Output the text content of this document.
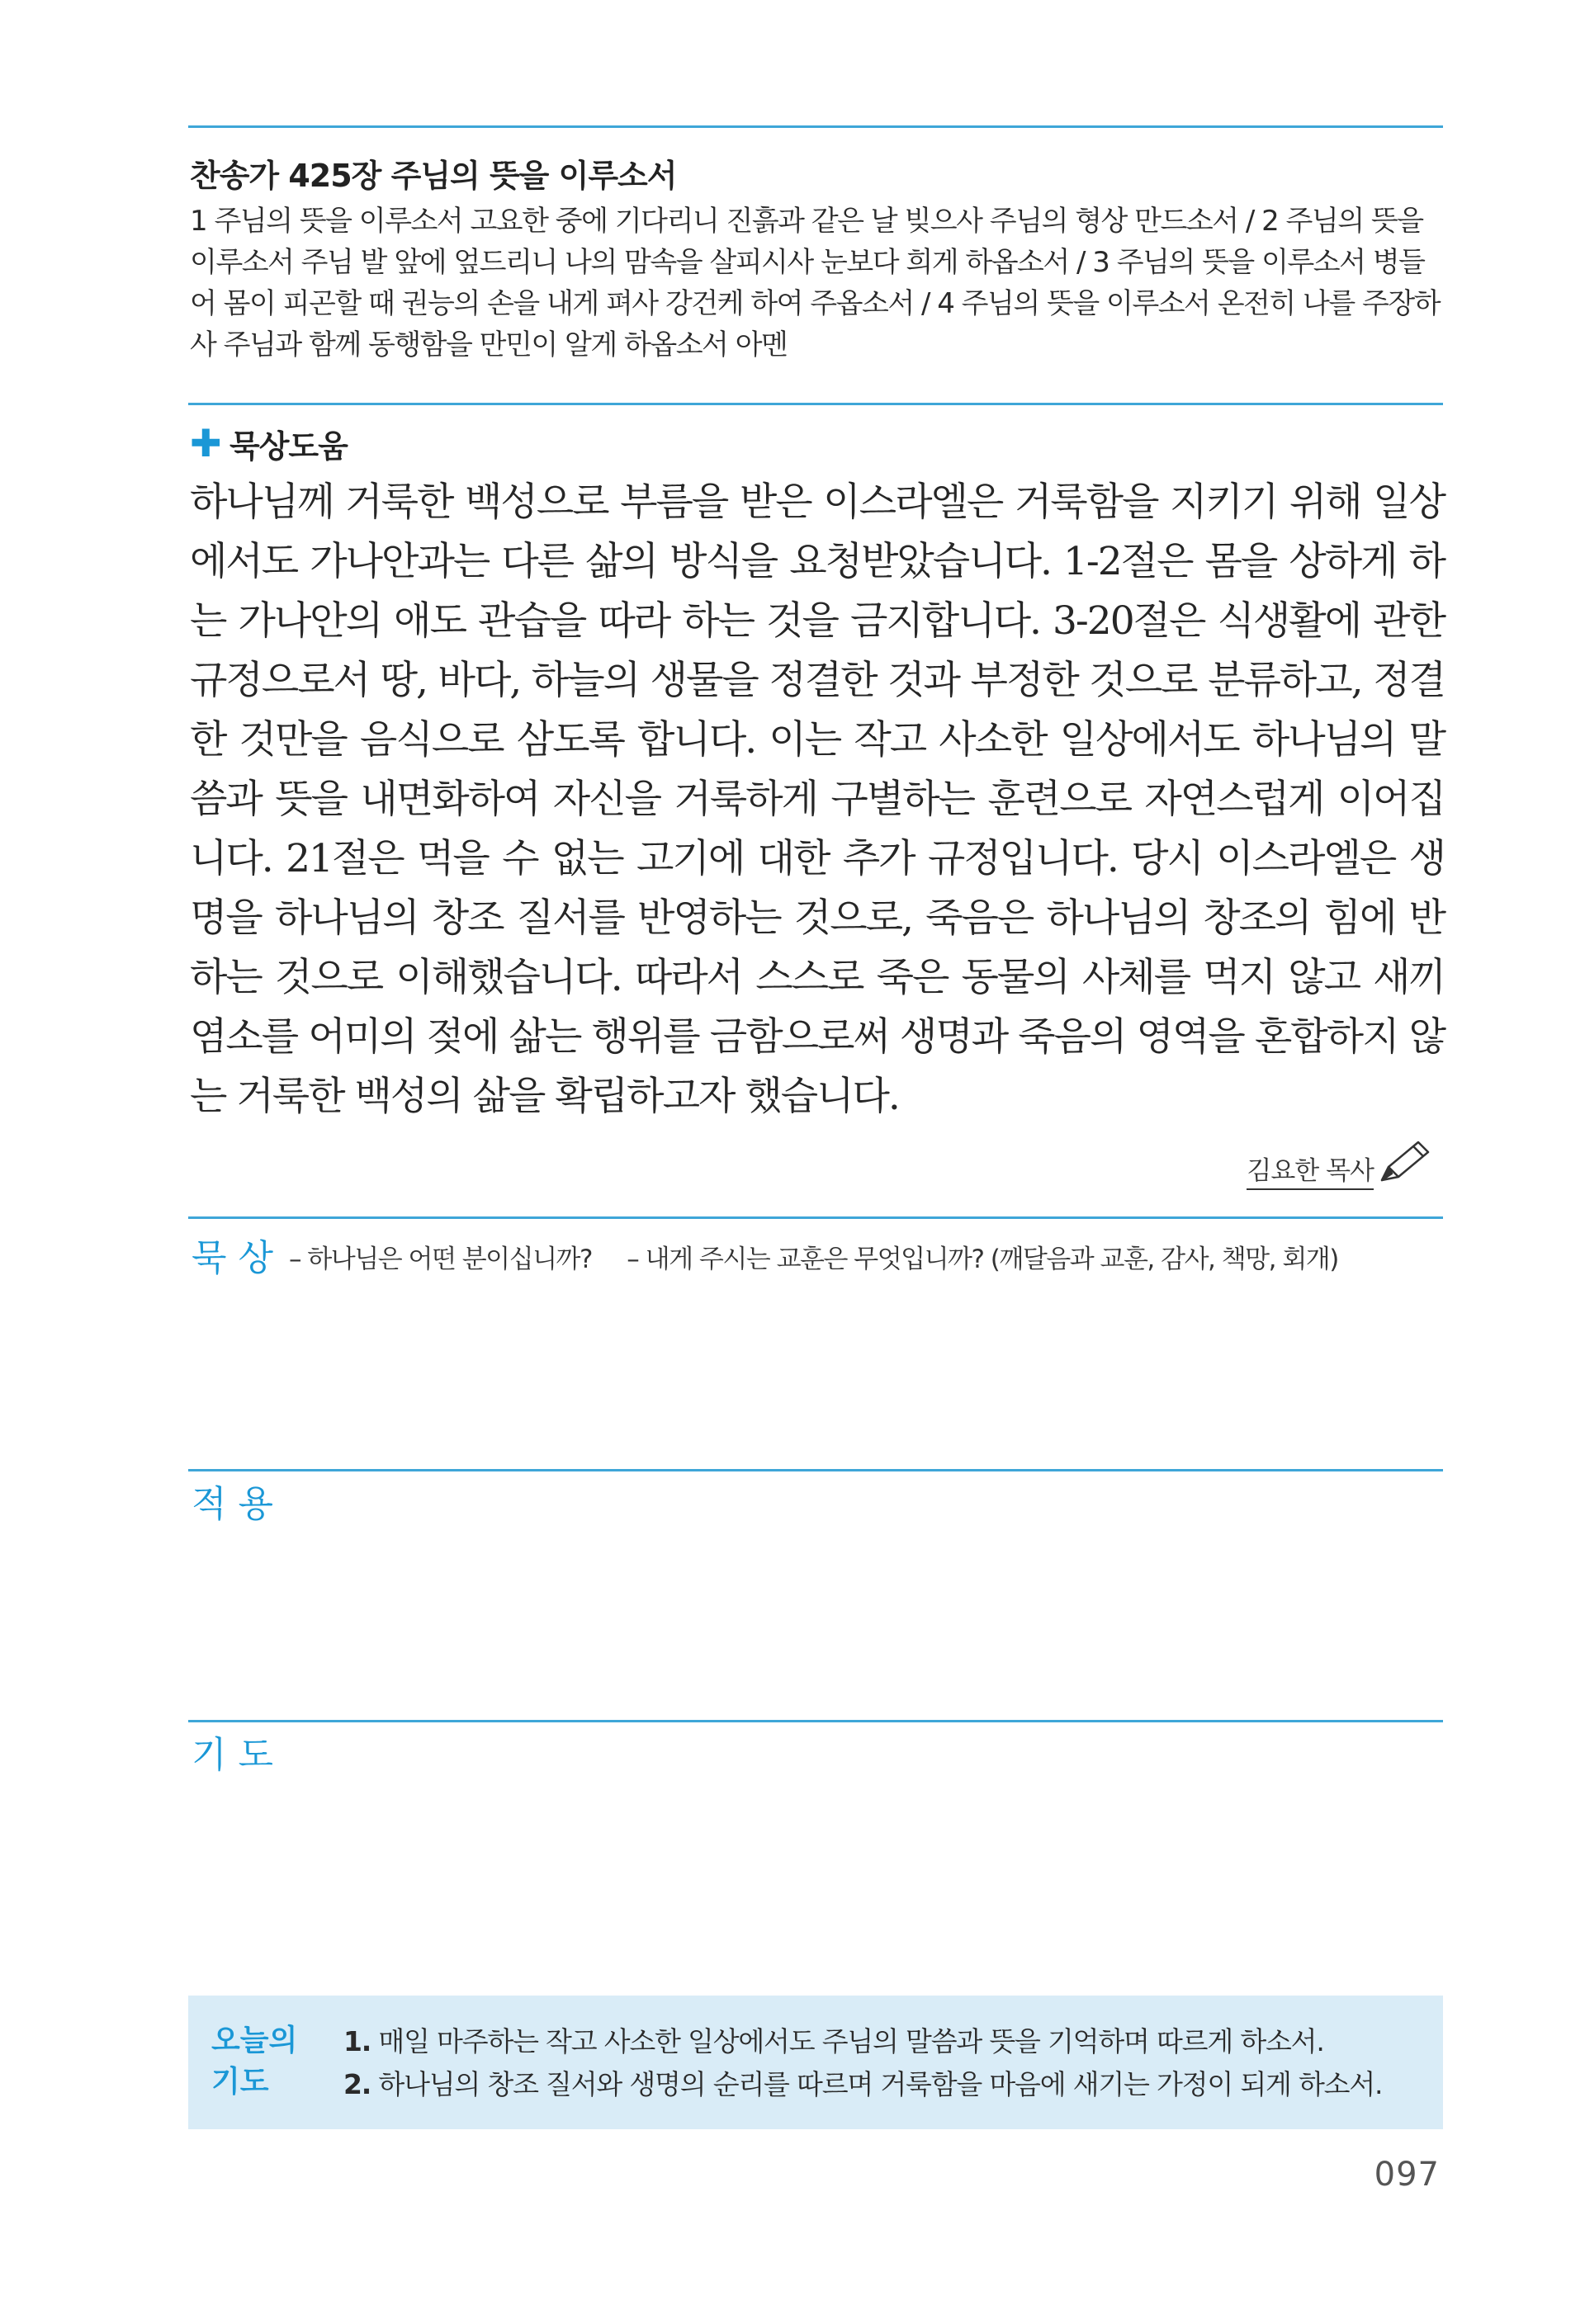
찬송가 425장 주님의 뜻을 이루소서
1 주님의 뜻을 이루소서 고요한 중에 기다리니 진흙과 같은 날 빚으사 주님의 형상 만드소서 / 2 주님의 뜻을 이루소서 주님 발 앞에 엎드리니 나의 맘속을 살피시사 눈보다 희게 하옵소서 / 3 주님의 뜻을 이루소서 병들어 몸이 피곤할 때 권능의 손을 내게 펴사 강건케 하여 주옵소서 / 4 주님의 뜻을 이루소서 온전히 나를 주장하사 주님과 함께 동행함을 만민이 알게 하옵소서 아멘
✚ 묵상도움
하나님께 거룩한 백성으로 부름을 받은 이스라엘은 거룩함을 지키기 위해 일상에서도 가나안과는 다른 삶의 방식을 요청받았습니다. 1-2절은 몸을 상하게 하는 가나안의 애도 관습을 따라 하는 것을 금지합니다. 3-20절은 식생활에 관한 규정으로서 땅, 바다, 하늘의 생물을 정결한 것과 부정한 것으로 분류하고, 정결한 것만을 음식으로 삼도록 합니다. 이는 작고 사소한 일상에서도 하나님의 말씀과 뜻을 내면화하여 자신을 거룩하게 구별하는 훈련으로 자연스럽게 이어집니다. 21절은 먹을 수 없는 고기에 대한 추가 규정입니다. 당시 이스라엘은 생명을 하나님의 창조 질서를 반영하는 것으로, 죽음은 하나님의 창조의 힘에 반하는 것으로 이해했습니다. 따라서 스스로 죽은 동물의 사체를 먹지 않고 새끼 염소를 어미의 젖에 삶는 행위를 금함으로써 생명과 죽음의 영역을 혼합하지 않는 거룩한 백성의 삶을 확립하고자 했습니다.
김요한 목사
묵상 – 하나님은 어떤 분이십니까? – 내게 주시는 교훈은 무엇입니까? (깨달음과 교훈, 감사, 책망, 회개)
적용
기도
오늘의
기도
1. 매일 마주하는 작고 사소한 일상에서도 주님의 말씀과 뜻을 기억하며 따르게 하소서.
2. 하나님의 창조 질서와 생명의 순리를 따르며 거룩함을 마음에 새기는 가정이 되게 하소서.
097
